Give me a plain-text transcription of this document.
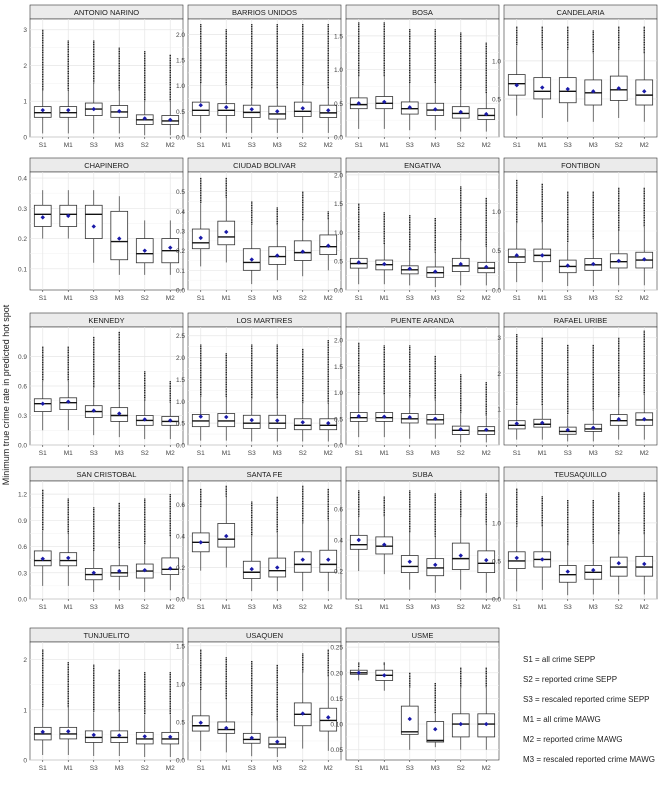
Minimum true crime rate in predicted hot spot
ANTONIO NARINO
0
1
2
3
S1	M1	S3	M3	S2	M2
BARRIOS UNIDOS
0.0
0.5
1.0
1.5
2.0
S1	M1	S3	M3	S2	M2
BOSA
0.0
0.5
1.0
1.5
S1	M1	S3	M3	S2	M2
CANDELARIA
0.5
1.0
S1	M1	S3	M3	S2	M2
CHAPINERO
0.1
0.2
0.3
0.4
S1	M1	S3	M3	S2	M2
CIUDAD BOLIVAR
0.0
0.1
0.2
0.3
0.4
0.5
S1	M1	S3	M3	S2	M2
ENGATIVA
0.0
0.5
1.0
1.5
2.0
S1	M1	S3	M3	S2	M2
FONTIBON
0.0
0.5
1.0
S1	M1	S3	M3	S2	M2
KENNEDY
0.0
0.3
0.6
0.9
S1	M1	S3	M3	S2	M2
LOS MARTIRES
0.0
0.5
1.0
1.5
2.0
2.5
S1	M1	S3	M3	S2	M2
PUENTE ARANDA
0.0
0.5
1.0
1.5
2.0
S1	M1	S3	M3	S2	M2
RAFAEL URIBE
1
2
3
S1	M1	S3	M3	S2	M2
SAN CRISTOBAL
0.0
0.3
0.6
0.9
1.2
S1	M1	S3	M3	S2	M2
SANTA FE
0.0
0.2
0.4
0.6
S1	M1	S3	M3	S2	M2
SUBA
0.2
0.4
0.6
S1	M1	S3	M3	S2	M2
TEUSAQUILLO
0.0
0.5
1.0
S1	M1	S3	M3	S2	M2
TUNJUELITO
0
1
2
S1	M1	S3	M3	S2	M2
USAQUEN
0.0
0.5
1.0
1.5
S1	M1	S3	M3	S2	M2
USME
0.05
0.10
0.15
0.20
0.25
S1	M1	S3	M3	S2	M2
S1 = all crime SEPP
S2 = reported crime SEPP
S3 = rescaled reported crime SEPP
M1 = all crime MAWG
M2 = reported crime MAWG
M3 = rescaled reported crime MAWG
